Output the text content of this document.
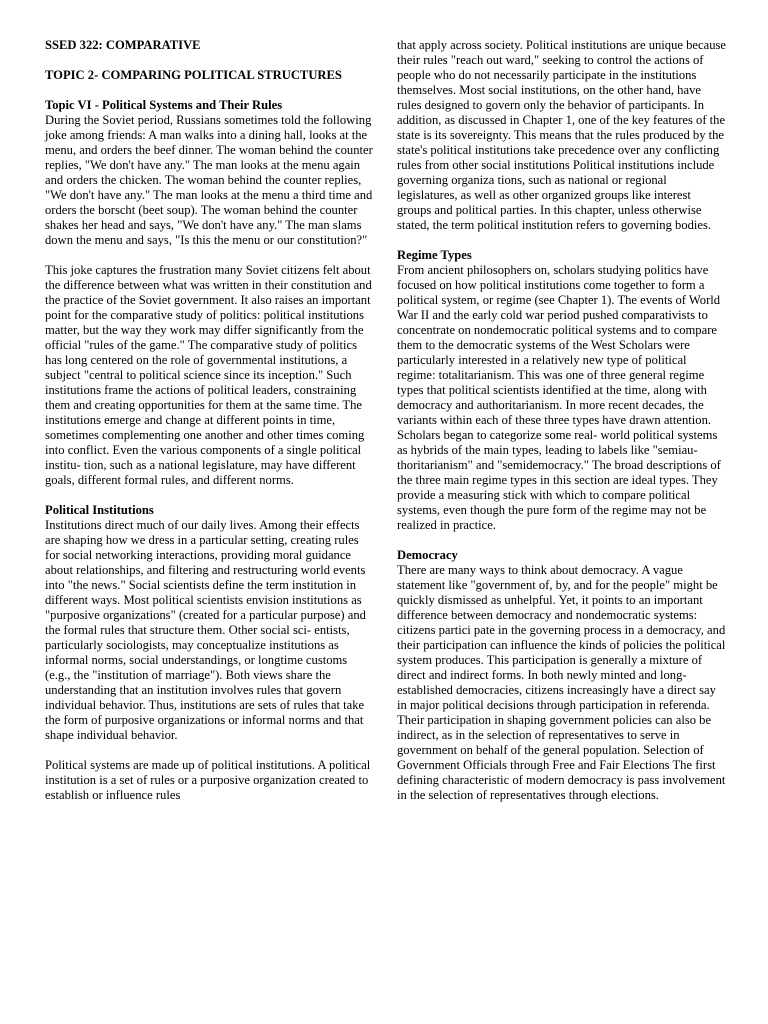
SSED 322: COMPARATIVE
TOPIC 2- COMPARING POLITICAL STRUCTURES
Topic VI - Political Systems and Their Rules

During the Soviet period, Russians sometimes told the following joke among friends: A man walks into a dining hall, looks at the menu, and orders the beef dinner. The woman behind the counter replies, "We don't have any." The man looks at the menu again and orders the chicken. The woman behind the counter replies, "We don't have any." The man looks at the menu a third time and orders the borscht (beet soup). The woman behind the counter shakes her head and says, "We don't have any." The man slams down the menu and says, "Is this the menu or our constitution?"

This joke captures the frustration many Soviet citizens felt about the difference between what was written in their constitution and the practice of the Soviet government. It also raises an important point for the comparative study of politics: political institutions matter, but the way they work may differ significantly from the official "rules of the game." The comparative study of politics has long centered on the role of governmental institutions, a subject "central to political science since its inception." Such institutions frame the actions of political leaders, constraining them and creating opportunities for them at the same time. The institutions emerge and change at different points in time, sometimes complementing one another and other times coming into conflict. Even the various components of a single political institu- tion, such as a national legislature, may have different goals, different formal rules, and different norms.

Political Institutions

Institutions direct much of our daily lives. Among their effects are shaping how we dress in a particular setting, creating rules for social networking interactions, providing moral guidance about relationships, and filtering and restructuring world events into "the news." Social scientists define the term institution in different ways. Most political scientists envision institutions as "purposive organizations" (created for a particular purpose) and the formal rules that structure them. Other social sci- entists, particularly sociologists, may conceptualize institutions as informal norms, social understandings, or longtime customs (e.g., the "institution of marriage"). Both views share the understanding that an institution involves rules that govern individual behavior. Thus, institutions are sets of rules that take the form of purposive organizations or informal norms and that shape individual behavior.

Political systems are made up of political institutions. A political institution is a set of rules or a purposive organization created to establish or influence rules

that apply across society. Political institutions are unique because their rules "reach out ward," seeking to control the actions of people who do not necessarily participate in the institutions themselves. Most social institutions, on the other hand, have rules designed to govern only the behavior of participants. In addition, as discussed in Chapter 1, one of the key features of the state is its sovereignty. This means that the rules produced by the state's political institutions take precedence over any conflicting rules from other social institutions Political institutions include governing organiza tions, such as national or regional legislatures, as well as other organized groups like interest groups and political parties. In this chapter, unless otherwise stated, the term political institution refers to governing bodies.

Regime Types

From ancient philosophers on, scholars studying politics have focused on how political institutions come together to form a political system, or regime (see Chapter 1). The events of World War II and the early cold war period pushed comparativists to concentrate on nondemocratic political systems and to compare them to the democratic systems of the West Scholars were particularly interested in a relatively new type of political regime: totalitarianism. This was one of three general regime types that political scientists identified at the time, along with democracy and authoritarianism. In more recent decades, the variants within each of these three types have drawn attention. Scholars began to categorize some real- world political systems as hybrids of the main types, leading to labels like "semiau- thoritarianism" and "semidemocracy." The broad descriptions of the three main regime types in this section are ideal types. They provide a measuring stick with which to compare political systems, even though the pure form of the regime may not be realized in practice.

Democracy

There are many ways to think about democracy. A vague statement like "government of, by, and for the people" might be quickly dismissed as unhelpful. Yet, it points to an important difference between democracy and nondemocratic systems: citizens partici pate in the governing process in a democracy, and their participation can influence the kinds of policies the political system produces. This participation is generally a mixture of direct and indirect forms. In both newly minted and long-established democracies, citizens increasingly have a direct say in major political decisions through participation in referenda. Their participation in shaping government policies can also be indirect, as in the selection of representatives to serve in government on behalf of the general population. Selection of Government Officials through Free and Fair Elections The first defining characteristic of modern democracy is pass involvement in the selection of representatives through elections.
